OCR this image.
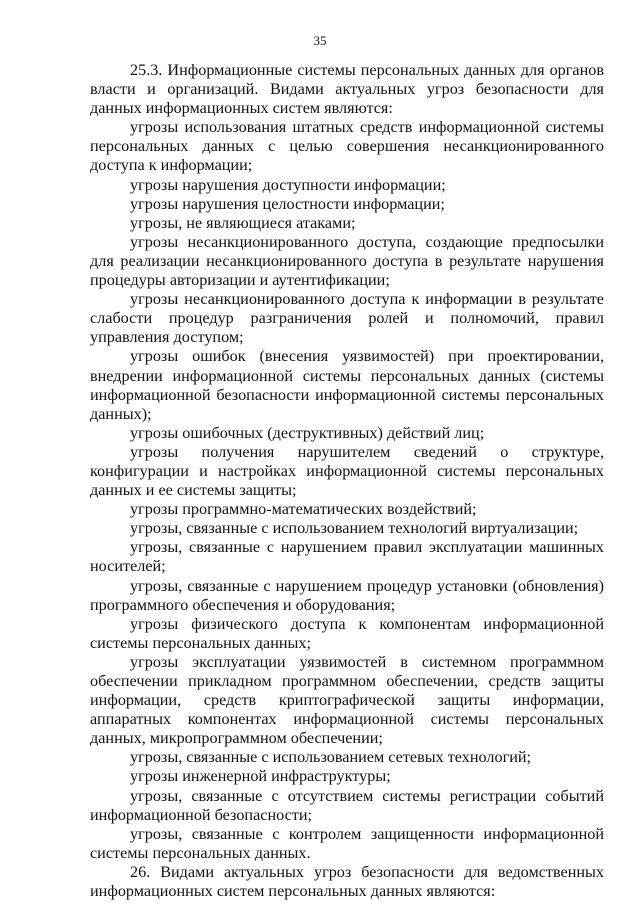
35

25.3. Информационные системы персональных данных для органов власти и организаций. Видами актуальных угроз безопасности для данных информационных систем являются:

угрозы использования штатных средств информационной системы персональных данных с целью совершения несанкционированного доступа к информации;

угрозы нарушения доступности информации;

угрозы нарушения целостности информации;

угрозы, не являющиеся атаками;

угрозы несанкционированного доступа, создающие предпосылки для реализации несанкционированного доступа в результате нарушения процедуры авторизации и аутентификации;

угрозы несанкционированного доступа к информации в результате слабости процедур разграничения ролей и полномочий, правил управления доступом;

угрозы ошибок (внесения уязвимостей) при проектировании, внедрении информационной системы персональных данных (системы информационной безопасности информационной системы персональных данных);

угрозы ошибочных (деструктивных) действий лиц;

угрозы получения нарушителем сведений о структуре, конфигурации и настройках информационной системы персональных данных и ее системы защиты;

угрозы программно-математических воздействий;

угрозы, связанные с использованием технологий виртуализации;

угрозы, связанные с нарушением правил эксплуатации машинных носителей;

угрозы, связанные с нарушением процедур установки (обновления) программного обеспечения и оборудования;

угрозы физического доступа к компонентам информационной системы персональных данных;

угрозы эксплуатации уязвимостей в системном программном обеспечении прикладном программном обеспечении, средств защиты информации, средств криптографической защиты информации, аппаратных компонентах информационной системы персональных данных, микропрограммном обеспечении;

угрозы, связанные с использованием сетевых технологий;

угрозы инженерной инфраструктуры;

угрозы, связанные с отсутствием системы регистрации событий информационной безопасности;

угрозы, связанные с контролем защищенности информационной системы персональных данных.

26. Видами актуальных угроз безопасности для ведомственных информационных систем персональных данных являются:
